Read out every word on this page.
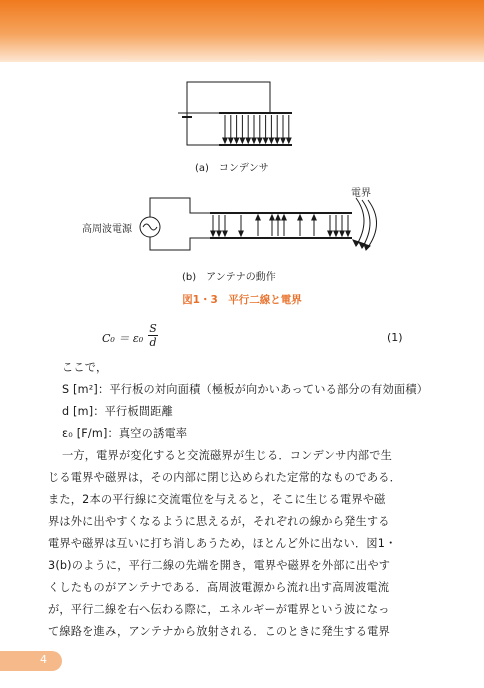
(a)　コンデンサ
電界
高周波電源
(b)　アンテナの動作
図1・3　平行二線と電界
C₀ ＝ ε₀
S
d	(1)
ここで，
S [m²]：平行板の対向面積（極板が向かいあっている部分の有効面積）
d [m]：平行板間距離
ε₀ [F/m]：真空の誘電率
一方，電界が変化すると交流磁界が生じる．コンデンサ内部で生
じる電界や磁界は，その内部に閉じ込められた定常的なものである．
また，2本の平行線に交流電位を与えると，そこに生じる電界や磁
界は外に出やすくなるように思えるが，それぞれの線から発生する
電界や磁界は互いに打ち消しあうため，ほとんど外に出ない．図1・
3(b)のように，平行二線の先端を開き，電界や磁界を外部に出やす
くしたものがアンテナである．高周波電源から流れ出す高周波電流
が，平行二線を右へ伝わる際に，エネルギーが電界という波になっ
て線路を進み，アンテナから放射される．このときに発生する電界
4
